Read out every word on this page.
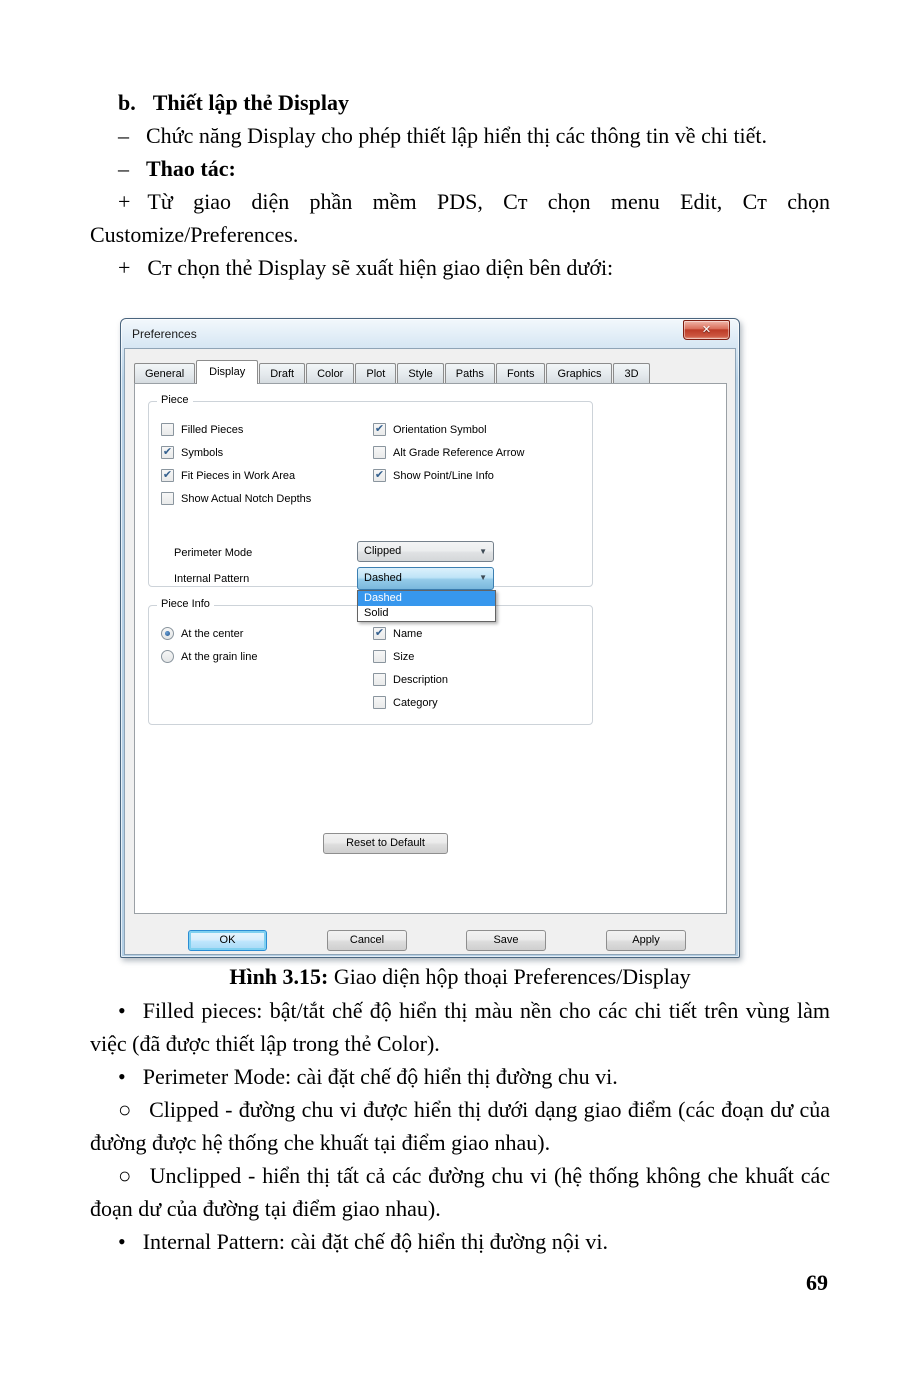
b. Thiết lập thẻ Display

– Chức năng Display cho phép thiết lập hiển thị các thông tin về chi tiết.

– Thao tác:

+ Từ giao diện phần mềm PDS, Cᴛ chọn menu Edit, Cᴛ chọn Customize/Preferences.

+ Cᴛ chọn thẻ Display sẽ xuất hiện giao diện bên dưới:

Preferences	✕
General	Display	Draft	Color	Plot	Style	Paths	Fonts	Graphics	3D
Piece
Filled Pieces
✔ Symbols
✔ Fit Pieces in Work Area
Show Actual Notch Depths
✔ Orientation Symbol
Alt Grade Reference Arrow
✔ Show Point/Line Info
Perimeter Mode	Clipped	▼
Internal Pattern	Dashed	▼
Dashed
Solid
Piece Info
At the center
At the grain line
✔ Name
Size
Description
Category
Reset to Default
OK	Cancel	Save	Apply

Hình 3.15: Giao diện hộp thoại Preferences/Display

• Filled pieces: bật/tắt chế độ hiển thị màu nền cho các chi tiết trên vùng làm việc (đã được thiết lập trong thẻ Color).

• Perimeter Mode: cài đặt chế độ hiển thị đường chu vi.

○ Clipped - đường chu vi được hiển thị dưới dạng giao điểm (các đoạn dư của đường được hệ thống che khuất tại điểm giao nhau).

○ Unclipped - hiển thị tất cả các đường chu vi (hệ thống không che khuất các đoạn dư của đường tại điểm giao nhau).

• Internal Pattern: cài đặt chế độ hiển thị đường nội vi.

69
